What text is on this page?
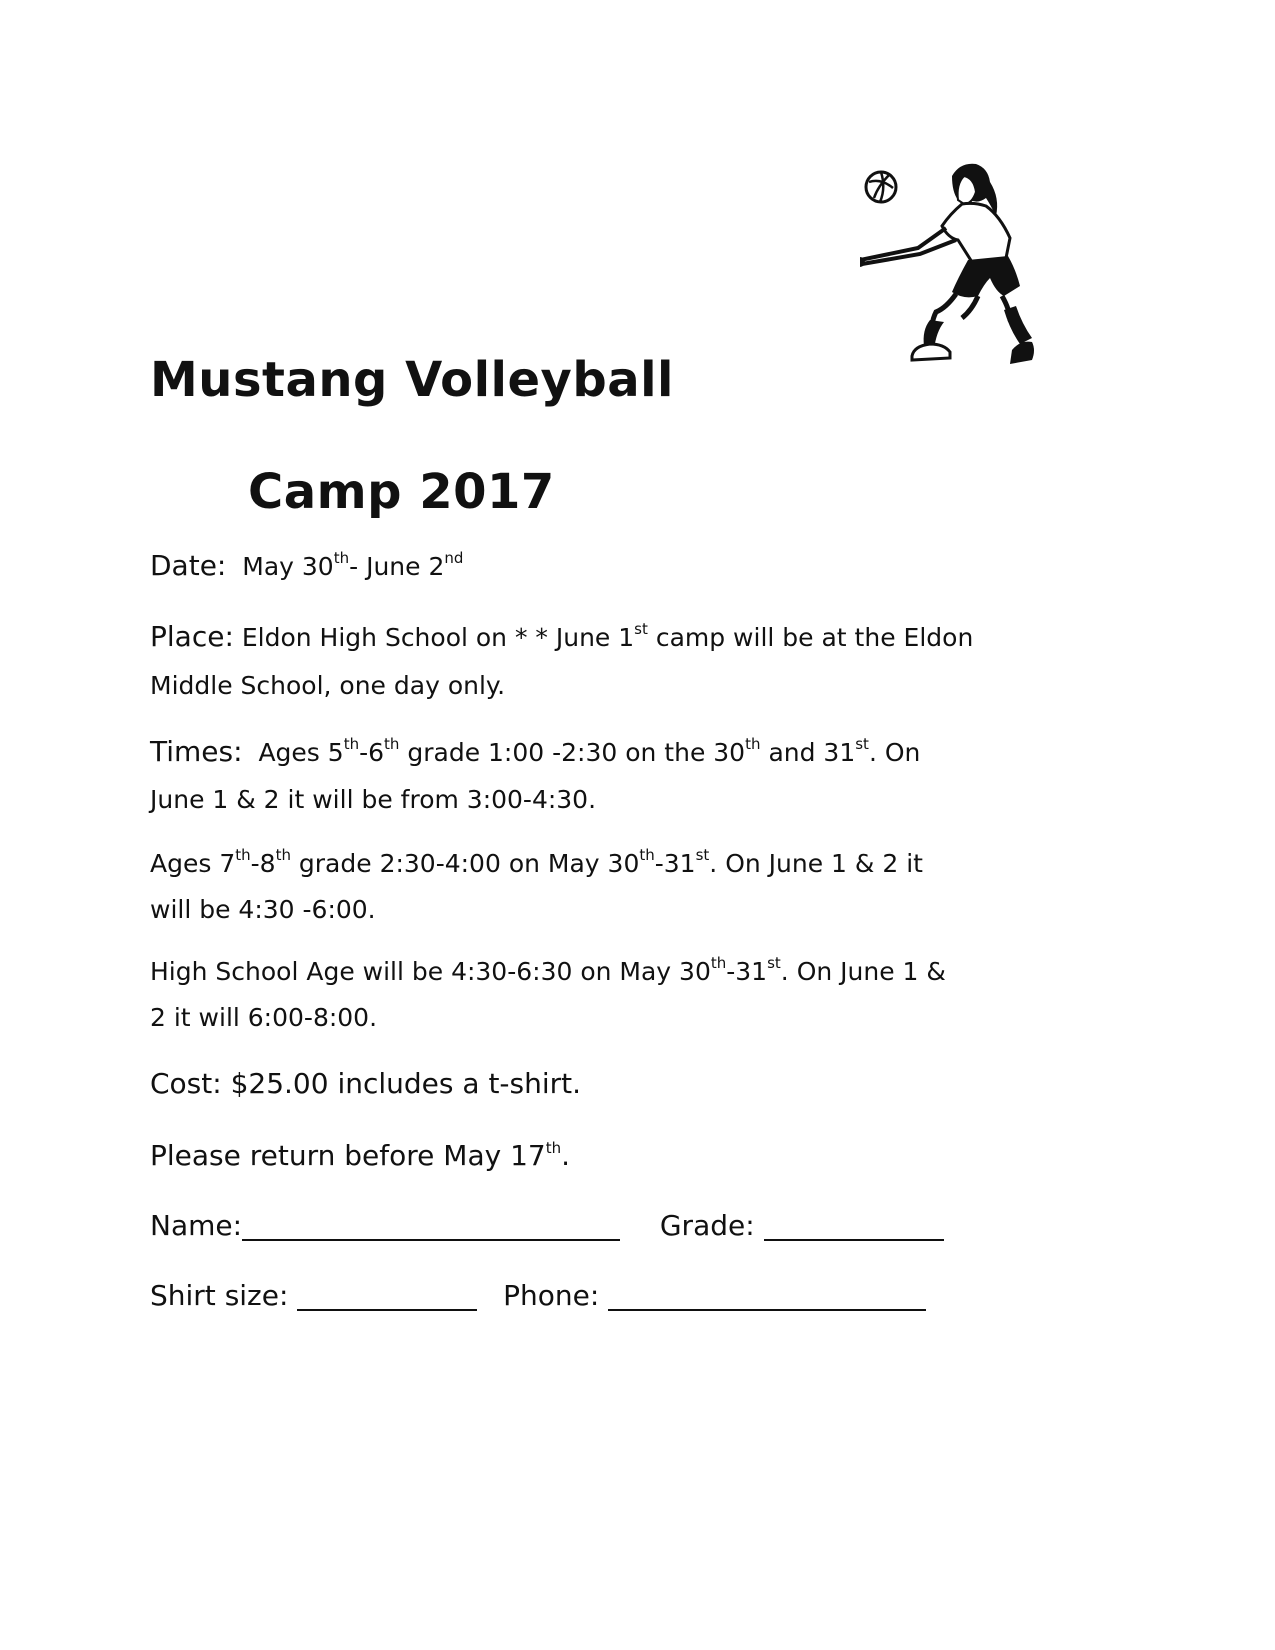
Mustang Volleyball
Camp 2017
Date: May 30th- June 2nd
Place: Eldon High School on * * June 1st camp will be at the Eldon
Middle School, one day only.
Times: Ages 5th-6th grade 1:00 -2:30 on the 30th and 31st. On
June 1 & 2 it will be from 3:00-4:30.
Ages 7th-8th grade 2:30-4:00 on May 30th-31st. On June 1 & 2 it
will be 4:30 -6:00.
High School Age will be 4:30-6:30 on May 30th-31st. On June 1 &
2 it will 6:00-8:00.
Cost: $25.00 includes a t-shirt.
Please return before May 17th.
Name:	Grade:
Shirt size:	Phone:
